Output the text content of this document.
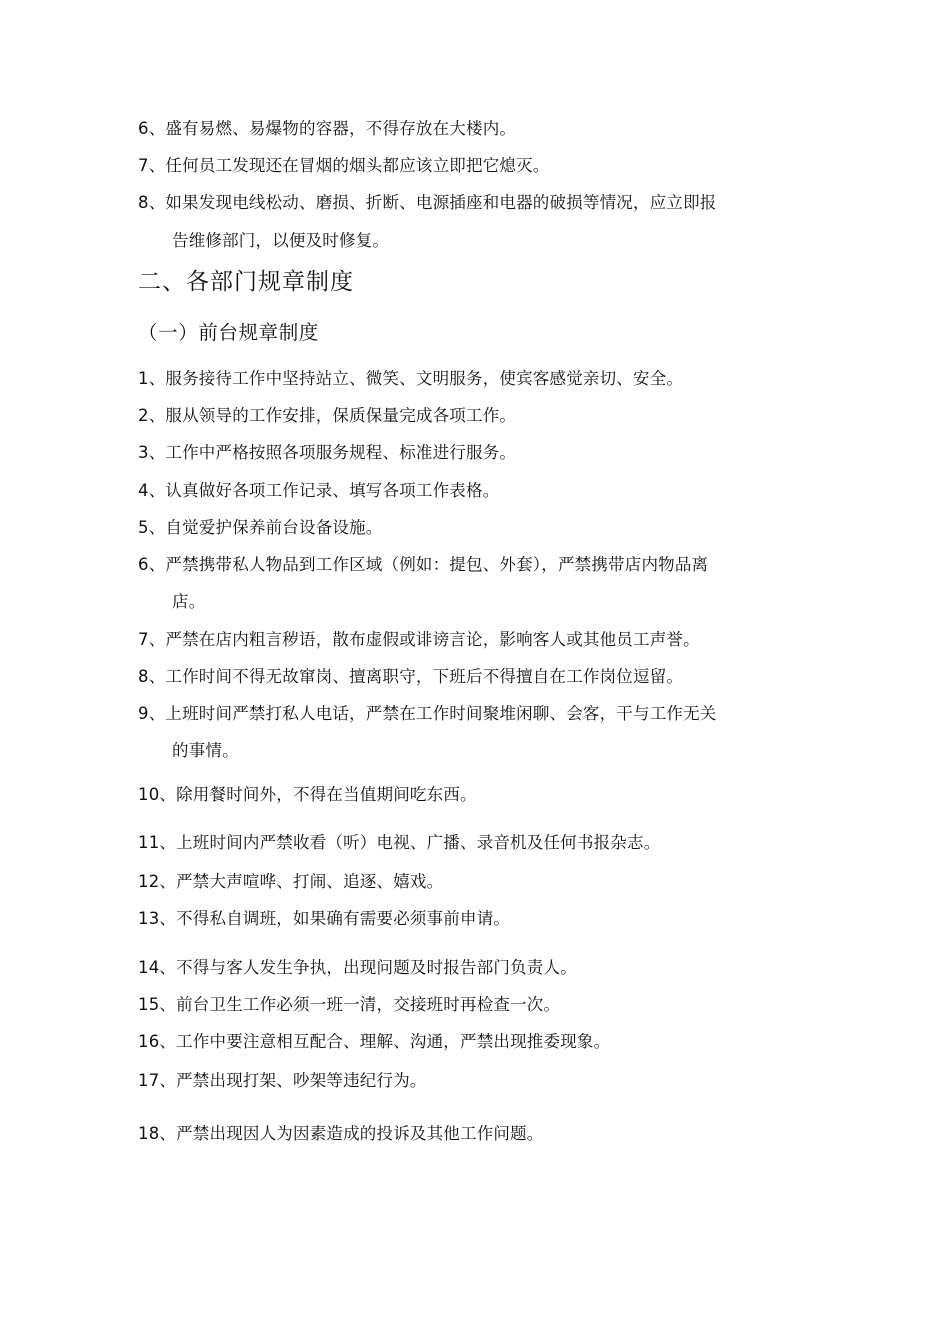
6、盛有易燃、易爆物的容器，不得存放在大楼内。
7、任何员工发现还在冒烟的烟头都应该立即把它熄灭。
8、如果发现电线松动、磨损、折断、电源插座和电器的破损等情况，应立即报
告维修部门，以便及时修复。
二、各部门规章制度
（一）前台规章制度
1、服务接待工作中坚持站立、微笑、文明服务，使宾客感觉亲切、安全。
2、服从领导的工作安排，保质保量完成各项工作。
3、工作中严格按照各项服务规程、标准进行服务。
4、认真做好各项工作记录、填写各项工作表格。
5、自觉爱护保养前台设备设施。
6、严禁携带私人物品到工作区域（例如：提包、外套），严禁携带店内物品离
店。
7、严禁在店内粗言秽语，散布虚假或诽谤言论，影响客人或其他员工声誉。
8、工作时间不得无故窜岗、擅离职守，下班后不得擅自在工作岗位逗留。
9、上班时间严禁打私人电话，严禁在工作时间聚堆闲聊、会客，干与工作无关
的事情。
10、除用餐时间外，不得在当值期间吃东西。
11、上班时间内严禁收看（听）电视、广播、录音机及任何书报杂志。
12、严禁大声喧哗、打闹、追逐、嬉戏。
13、不得私自调班，如果确有需要必须事前申请。
14、不得与客人发生争执，出现问题及时报告部门负责人。
15、前台卫生工作必须一班一清，交接班时再检查一次。
16、工作中要注意相互配合、理解、沟通，严禁出现推委现象。
17、严禁出现打架、吵架等违纪行为。
18、严禁出现因人为因素造成的投诉及其他工作问题。
